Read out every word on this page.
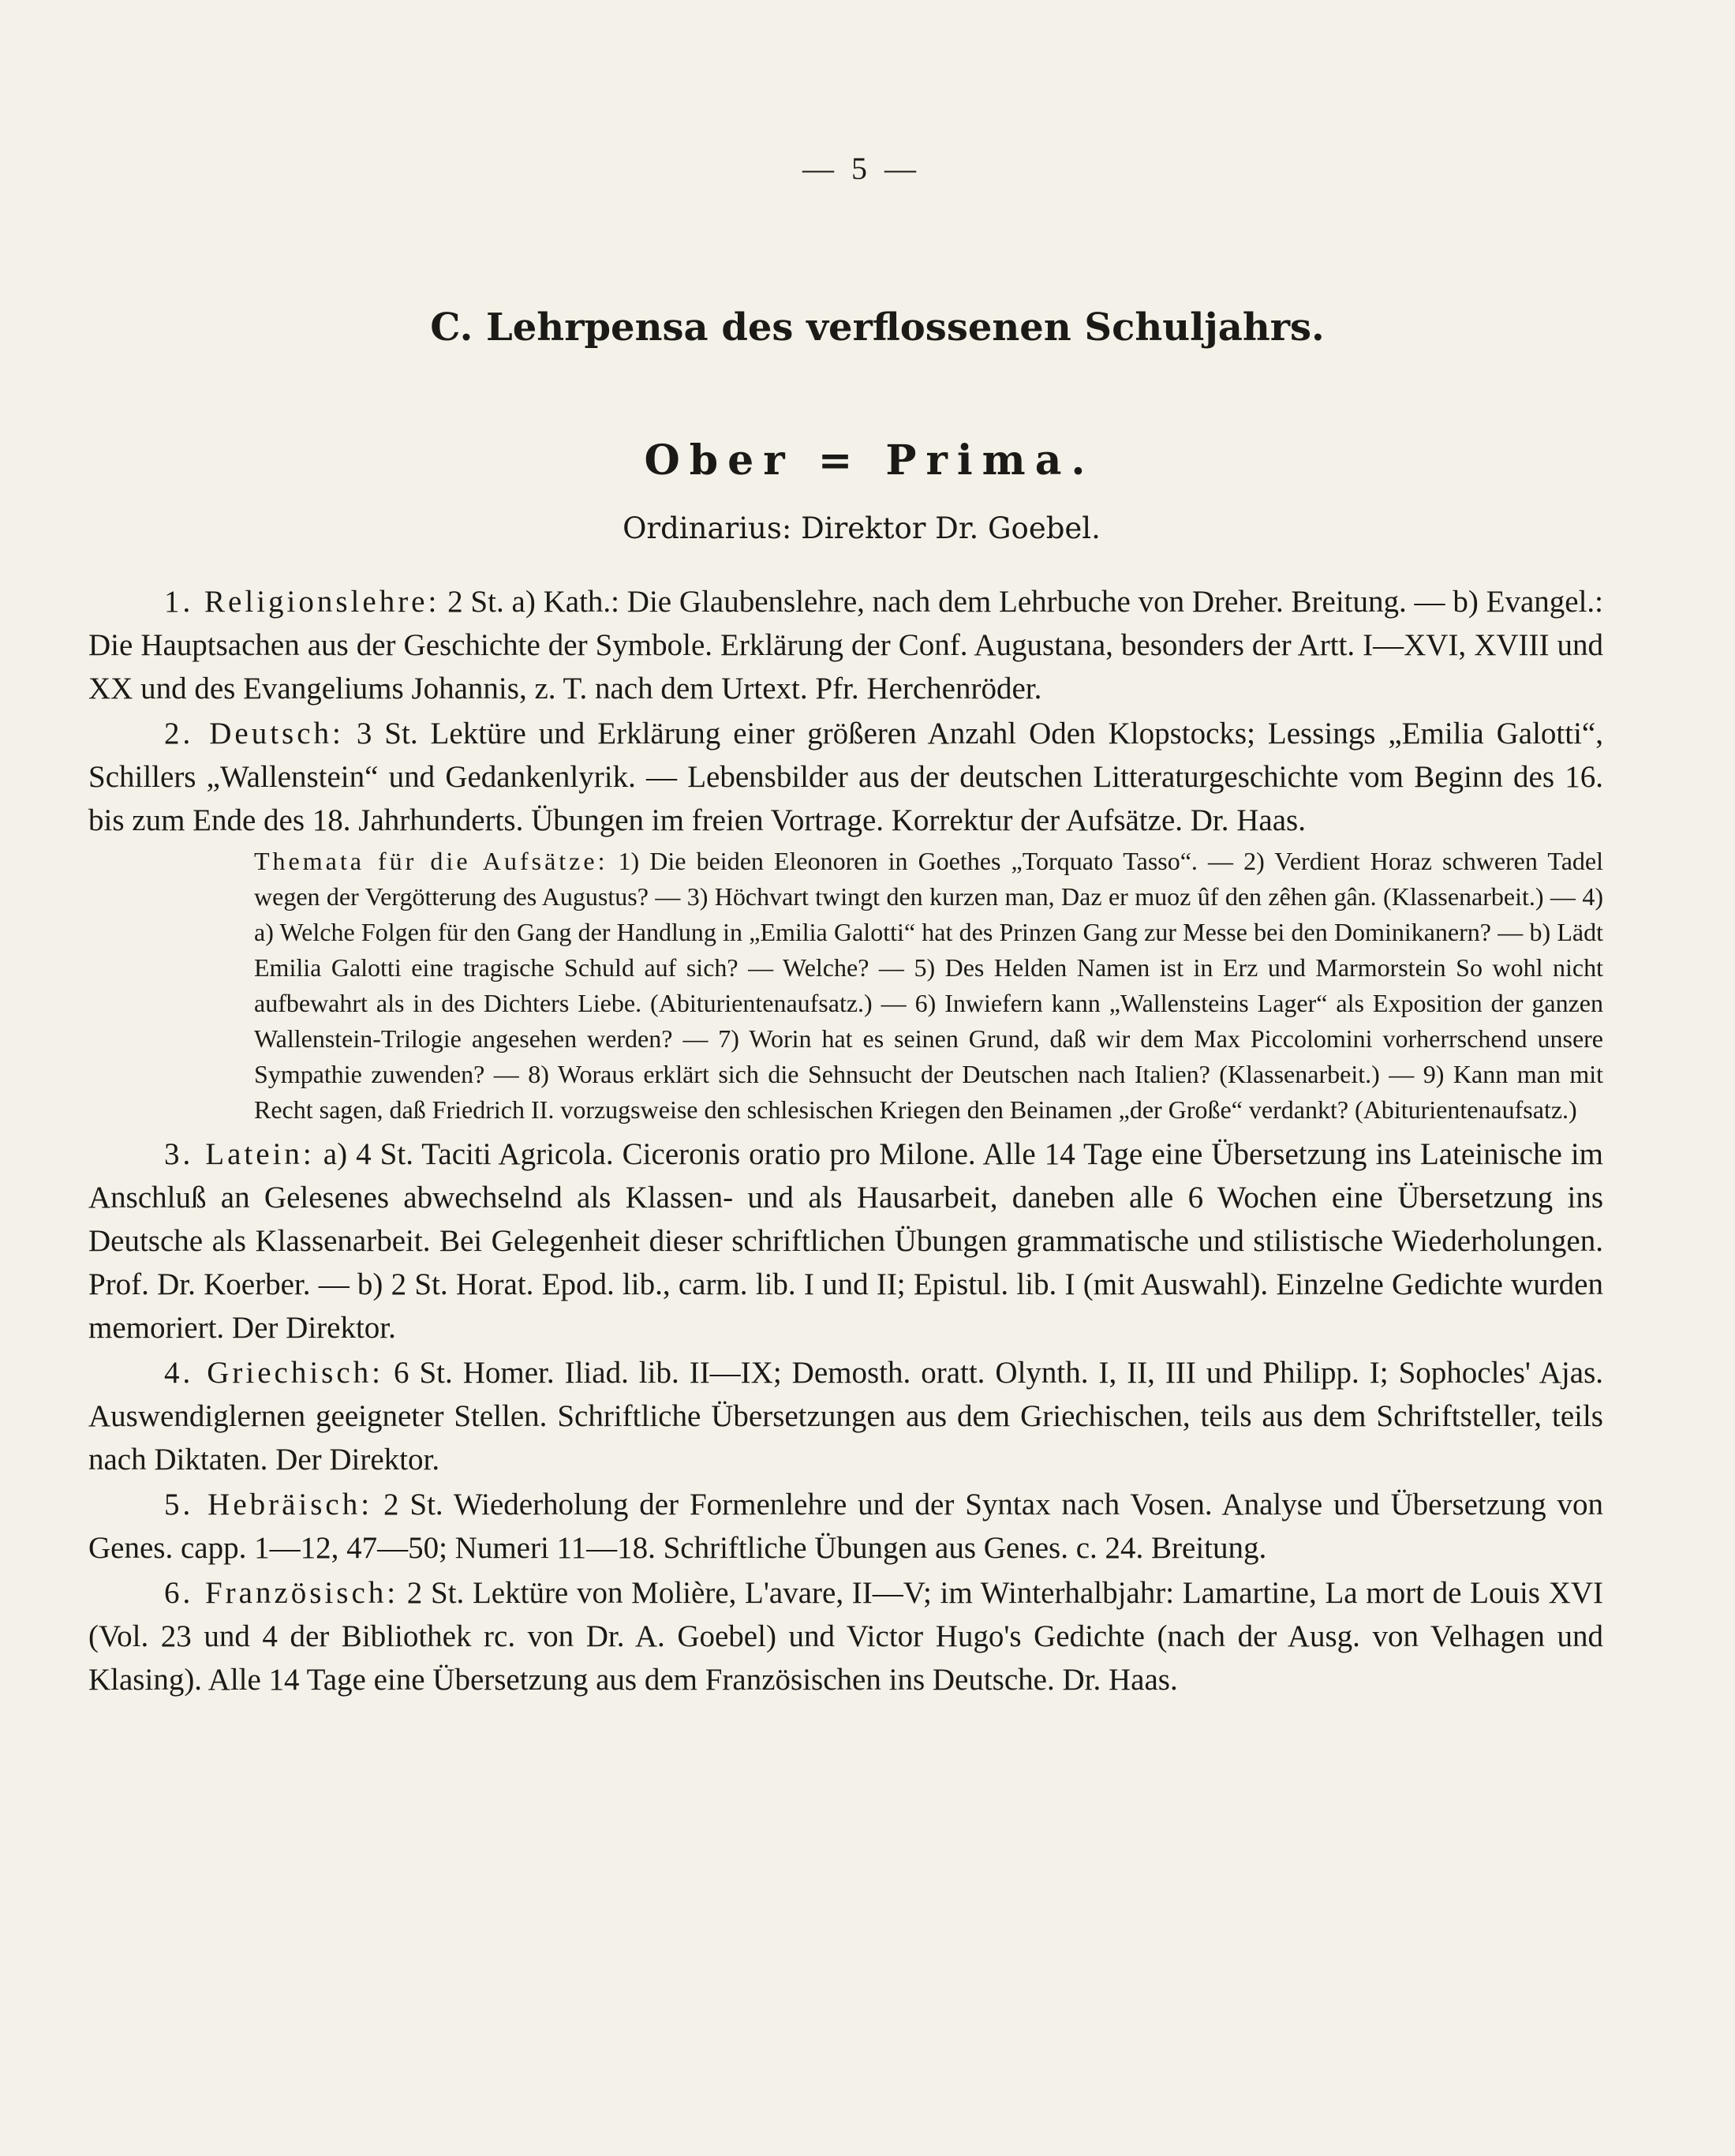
— 5 —
C. Lehrpensa des verflossenen Schuljahrs.
Ober = Prima.
Ordinarius: Direktor Dr. Goebel.

1. Religionslehre: 2 St. a) Kath.: Die Glaubenslehre, nach dem Lehrbuche von Dreher. Breitung. — b) Evangel.: Die Hauptsachen aus der Geschichte der Symbole. Erklärung der Conf. Augustana, besonders der Artt. I—XVI, XVIII und XX und des Evangeliums Johannis, z. T. nach dem Urtext. Pfr. Herchenröder.

2. Deutsch: 3 St. Lektüre und Erklärung einer größeren Anzahl Oden Klopstocks; Lessings „Emilia Galotti“, Schillers „Wallenstein“ und Gedankenlyrik. — Lebensbilder aus der deutschen Litteraturgeschichte vom Beginn des 16. bis zum Ende des 18. Jahrhunderts. Übungen im freien Vortrage. Korrektur der Aufsätze. Dr. Haas.

Themata für die Aufsätze: 1) Die beiden Eleonoren in Goethes „Torquato Tasso“. — 2) Verdient Horaz schweren Tadel wegen der Vergötterung des Augustus? — 3) Höchvart twingt den kurzen man, Daz er muoz ûf den zêhen gân. (Klassenarbeit.) — 4) a) Welche Folgen für den Gang der Handlung in „Emilia Galotti“ hat des Prinzen Gang zur Messe bei den Dominikanern? — b) Lädt Emilia Galotti eine tragische Schuld auf sich? — Welche? — 5) Des Helden Namen ist in Erz und Marmorstein So wohl nicht aufbewahrt als in des Dichters Liebe. (Abiturientenaufsatz.) — 6) Inwiefern kann „Wallensteins Lager“ als Exposition der ganzen Wallenstein-Trilogie angesehen werden? — 7) Worin hat es seinen Grund, daß wir dem Max Piccolomini vorherrschend unsere Sympathie zuwenden? — 8) Woraus erklärt sich die Sehnsucht der Deutschen nach Italien? (Klassenarbeit.) — 9) Kann man mit Recht sagen, daß Friedrich II. vorzugsweise den schlesischen Kriegen den Beinamen „der Große“ verdankt? (Abiturientenaufsatz.)

3. Latein: a) 4 St. Taciti Agricola. Ciceronis oratio pro Milone. Alle 14 Tage eine Übersetzung ins Lateinische im Anschluß an Gelesenes abwechselnd als Klassen- und als Hausarbeit, daneben alle 6 Wochen eine Übersetzung ins Deutsche als Klassenarbeit. Bei Gelegenheit dieser schriftlichen Übungen grammatische und stilistische Wiederholungen. Prof. Dr. Koerber. — b) 2 St. Horat. Epod. lib., carm. lib. I und II; Epistul. lib. I (mit Auswahl). Einzelne Gedichte wurden memoriert. Der Direktor.

4. Griechisch: 6 St. Homer. Iliad. lib. II—IX; Demosth. oratt. Olynth. I, II, III und Philipp. I; Sophocles' Ajas. Auswendiglernen geeigneter Stellen. Schriftliche Übersetzungen aus dem Griechischen, teils aus dem Schriftsteller, teils nach Diktaten. Der Direktor.

5. Hebräisch: 2 St. Wiederholung der Formenlehre und der Syntax nach Vosen. Analyse und Übersetzung von Genes. capp. 1—12, 47—50; Numeri 11—18. Schriftliche Übungen aus Genes. c. 24. Breitung.

6. Französisch: 2 St. Lektüre von Molière, L'avare, II—V; im Winterhalbjahr: Lamartine, La mort de Louis XVI (Vol. 23 und 4 der Bibliothek rc. von Dr. A. Goebel) und Victor Hugo's Gedichte (nach der Ausg. von Velhagen und Klasing). Alle 14 Tage eine Übersetzung aus dem Französischen ins Deutsche. Dr. Haas.
